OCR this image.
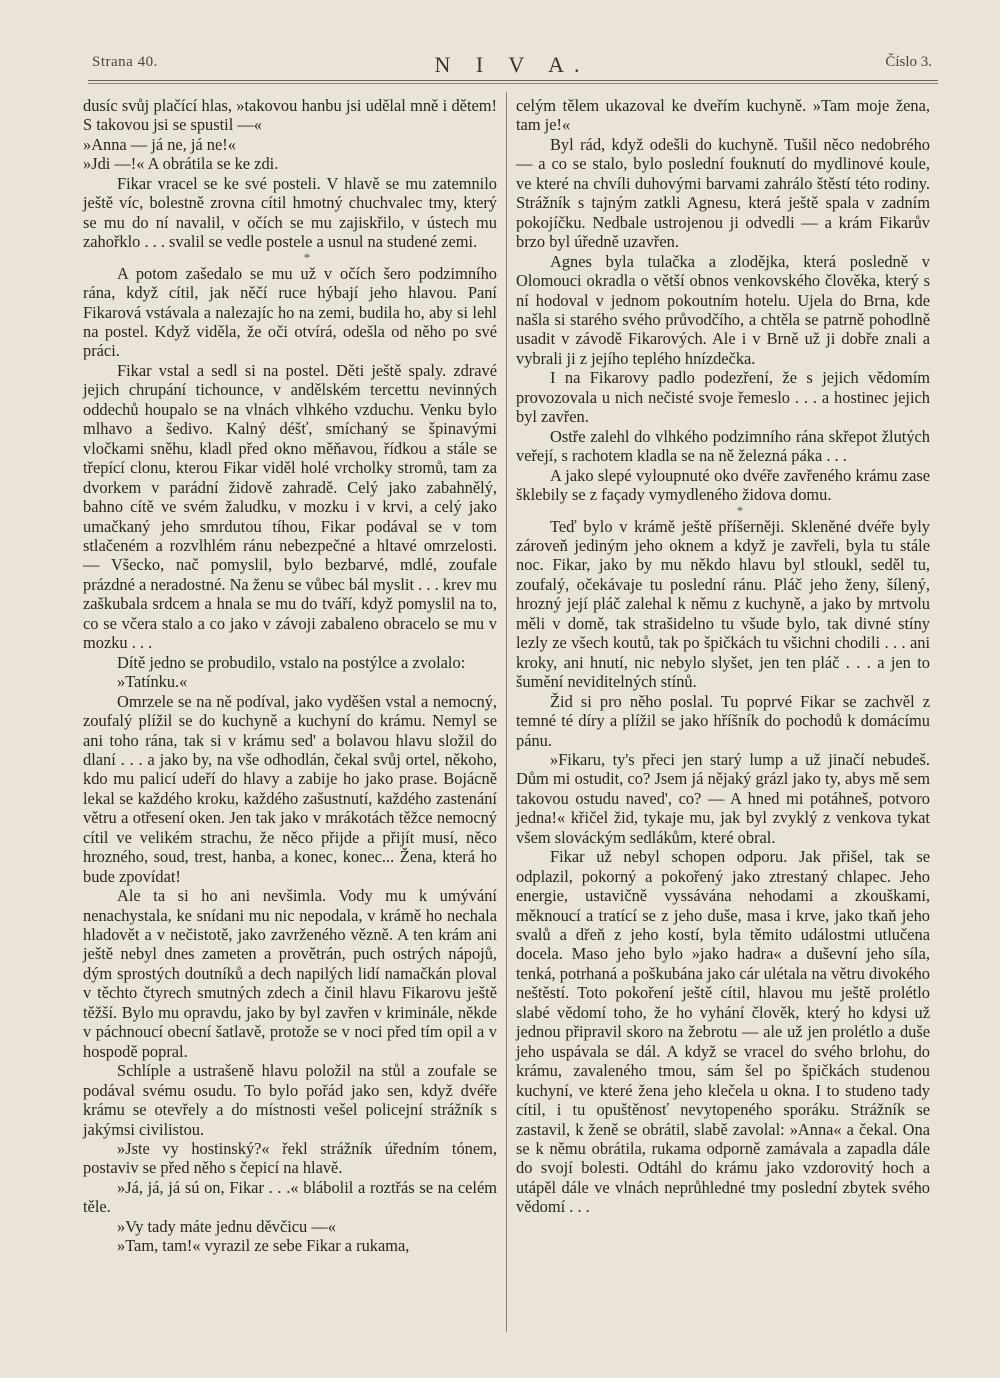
Strana 40.	N I V A.	Číslo 3.

dusíc svůj plačící hlas, »takovou hanbu jsi udělal mně i dětem! S takovou jsi se spustil —«

»Anna — já ne, já ne!«

»Jdi —!« A obrátila se ke zdi.

Fikar vracel se ke své posteli. V hlavě se mu zatemnilo ještě víc, bolestně zrovna cítil hmotný chuchvalec tmy, který se mu do ní navalil, v očích se mu zajiskřilo, v ústech mu zahořklo . . . svalil se vedle postele a usnul na studené zemi.

*

A potom zašedalo se mu už v očích šero podzimního rána, když cítil, jak něčí ruce hýbají jeho hlavou. Paní Fikarová vstávala a nalezajíc ho na zemi, budila ho, aby si lehl na postel. Když viděla, že oči otvírá, odešla od něho po své práci.

Fikar vstal a sedl si na postel. Děti ještě spaly. zdravé jejich chrupání tichounce, v andělském tercettu nevinných oddechů houpalo se na vlnách vlhkého vzduchu. Venku bylo mlhavo a šedivo. Kalný déšť, smíchaný se špinavými vločkami sněhu, kladl před okno měňavou, řídkou a stále se třepící clonu, kterou Fikar viděl holé vrcholky stromů, tam za dvorkem v parádní židově zahradě. Celý jako zabahnělý, bahno cítě ve svém žaludku, v mozku i v krvi, a celý jako umačkaný jeho smrdutou tíhou, Fikar podával se v tom stlačeném a rozvlhlém ránu nebezpečné a hltavé omrzelosti. — Všecko, nač pomyslil, bylo bezbarvé, mdlé, zoufale prázdné a neradostné. Na ženu se vůbec bál myslit . . . krev mu zaškubala srdcem a hnala se mu do tváří, když pomyslil na to, co se včera stalo a co jako v závoji zabaleno obracelo se mu v mozku . . .

Dítě jedno se probudilo, vstalo na postýlce a zvolalo:

»Tatínku.«

Omrzele se na ně podíval, jako vyděšen vstal a nemocný, zoufalý plížil se do kuchyně a kuchyní do krámu. Nemyl se ani toho rána, tak si v krámu sed' a bolavou hlavu složil do dlaní . . . a jako by, na vše odhodlán, čekal svůj ortel, někoho, kdo mu palicí udeří do hlavy a zabije ho jako prase. Bojácně lekal se každého kroku, každého zašustnutí, každého zastenání větru a otřesení oken. Jen tak jako v mrákotách těžce nemocný cítil ve velikém strachu, že něco přijde a přijít musí, něco hrozného, soud, trest, hanba, a konec, konec... Žena, která ho bude zpovídat!

Ale ta si ho ani nevšimla. Vody mu k umývání nenachystala, ke snídani mu nic nepodala, v krámě ho nechala hladovět a v nečistotě, jako zavrženého vězně. A ten krám ani ještě nebyl dnes zameten a provětrán, puch ostrých nápojů, dým sprostých doutníků a dech napilých lidí namačkán ploval v těchto čtyrech smutných zdech a činil hlavu Fikarovu ještě těžší. Bylo mu opravdu, jako by byl zavřen v kriminále, někde v páchnoucí obecní šatlavě, protože se v noci před tím opil a v hospodě popral.

Schlíple a ustrašeně hlavu položil na stůl a zoufale se podával svému osudu. To bylo pořád jako sen, když dvéře krámu se otevřely a do místnosti vešel policejní strážník s jakýmsi civilistou.

»Jste vy hostinský?« řekl strážník úředním tónem, postaviv se před něho s čepicí na hlavě.

»Já, já, já sú on, Fikar . . .« blábolil a roztřás se na celém těle.

»Vy tady máte jednu děvčicu —«

»Tam, tam!« vyrazil ze sebe Fikar a rukama,

celým tělem ukazoval ke dveřím kuchyně. »Tam moje žena, tam je!«

Byl rád, když odešli do kuchyně. Tušil něco nedobrého — a co se stalo, bylo poslední fouknutí do mydlinové koule, ve které na chvíli duhovými barvami zahrálo štěstí této rodiny. Strážník s tajným zatkli Agnesu, která ještě spala v zadním pokojíčku. Nedbale ustrojenou ji odvedli — a krám Fikarův brzo byl úředně uzavřen.

Agnes byla tulačka a zlodějka, která posledně v Olomouci okradla o větší obnos venkovského člověka, který s ní hodoval v jednom pokoutním hotelu. Ujela do Brna, kde našla si starého svého průvodčího, a chtěla se patrně pohodlně usadit v závodě Fikarových. Ale i v Brně už ji dobře znali a vybrali ji z jejího teplého hnízdečka.

I na Fikarovy padlo podezření, že s jejich vědomím provozovala u nich nečisté svoje řemeslo . . . a hostinec jejich byl zavřen.

Ostře zalehl do vlhkého podzimního rána skřepot žlutých veřejí, s rachotem kladla se na ně železná páka . . .

A jako slepé vyloupnuté oko dvéře zavřeného krámu zase šklebily se z façady vymydleného židova domu.

*

Teď bylo v krámě ještě příšerněji. Skleněné dvéře byly zároveň jediným jeho oknem a když je zavřeli, byla tu stále noc. Fikar, jako by mu někdo hlavu byl stloukl, seděl tu, zoufalý, očekávaje tu poslední ránu. Pláč jeho ženy, šílený, hrozný její pláč zalehal k němu z kuchyně, a jako by mrtvolu měli v domě, tak strašidelno tu všude bylo, tak divné stíny lezly ze všech koutů, tak po špičkách tu všichni chodili . . . ani kroky, ani hnutí, nic nebylo slyšet, jen ten pláč . . . a jen to šumění neviditelných stínů.

Žid si pro něho poslal. Tu poprvé Fikar se zachvěl z temné té díry a plížil se jako hříšník do pochodů k domácímu pánu.

»Fikaru, ty's přeci jen starý lump a už jinačí nebudeš. Dům mi ostudit, co? Jsem já nějaký grázl jako ty, abys mě sem takovou ostudu naved', co? — A hned mi potáhneš, potvoro jedna!« křičel žid, tykaje mu, jak byl zvyklý z venkova tykat všem slováckým sedlákům, které obral.

Fikar už nebyl schopen odporu. Jak přišel, tak se odplazil, pokorný a pokořený jako ztrestaný chlapec. Jeho energie, ustavičně vyssávána nehodami a zkouškami, měknoucí a tratící se z jeho duše, masa i krve, jako tkaň jeho svalů a dřeň z jeho kostí, byla těmito událostmi utlučena docela. Maso jeho bylo »jako hadra« a duševní jeho síla, tenká, potrhaná a poškubána jako cár ulétala na větru divokého neštěstí. Toto pokoření ještě cítil, hlavou mu ještě prolétlo slabé vědomí toho, že ho vyhání člověk, který ho kdysi už jednou připravil skoro na žebrotu — ale už jen prolétlo a duše jeho uspávala se dál. A když se vracel do svého brlohu, do krámu, zavaleného tmou, sám šel po špičkách studenou kuchyní, ve které žena jeho klečela u okna. I to studeno tady cítil, i tu opuštěnosť nevytopeného sporáku. Strážník se zastavil, k ženě se obrátil, slabě zavolal: »Anna« a čekal. Ona se k němu obrátila, rukama odporně zamávala a zapadla dále do svojí bolesti. Odtáhl do krámu jako vzdorovitý hoch a utápěl dále ve vlnách neprůhledné tmy poslední zbytek svého vědomí . . .
